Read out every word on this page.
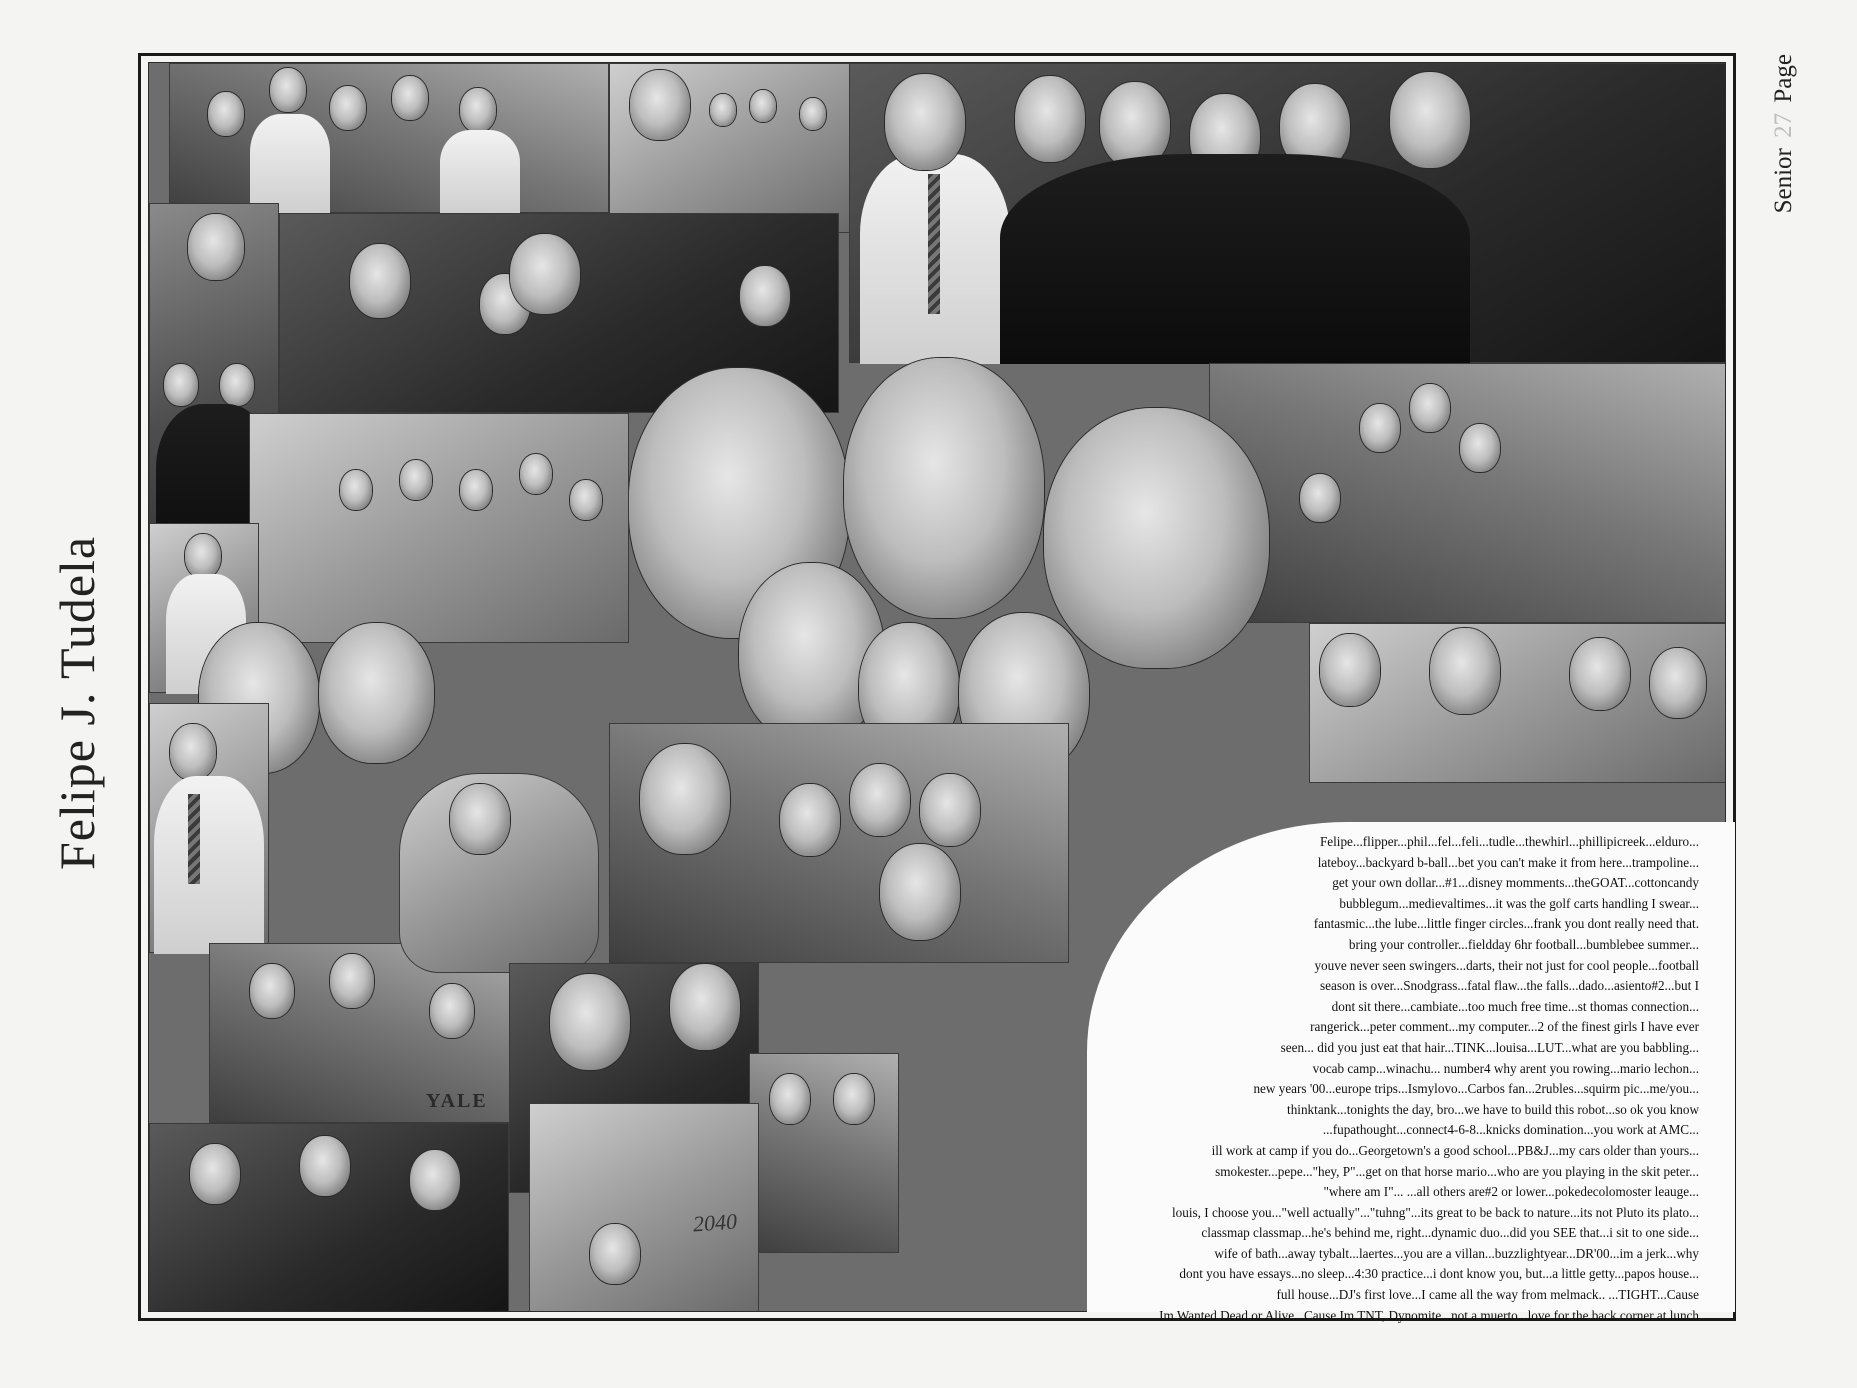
YALE
2040
Felipe...flipper...phil...fel...feli...tudle...thewhirl...phillipicreek...elduro...
lateboy...backyard b-ball...bet you can't make it from here...trampoline...
get your own dollar...#1...disney momments...theGOAT...cottoncandy
bubblegum...medievaltimes...it was the golf carts handling I swear...
fantasmic...the lube...little finger circles...frank you dont really need that.
bring your controller...fieldday 6hr football...bumblebee summer...
youve never seen swingers...darts, their not just for cool people...football
season is over...Snodgrass...fatal flaw...the falls...dado...asiento#2...but I
dont sit there...cambiate...too much free time...st thomas connection...
rangerick...peter comment...my computer...2 of the finest girls I have ever
seen... did you just eat that hair...TINK...louisa...LUT...what are you babbling...
vocab camp...winachu... number4 why arent you rowing...mario lechon...
new years '00...europe trips...Ismylovo...Carbos fan...2rubles...squirm pic...me/you...
thinktank...tonights the day, bro...we have to build this robot...so ok you know
...fupathought...connect4-6-8...knicks domination...you work at AMC...
ill work at camp if you do...Georgetown's a good school...PB&J...my cars older than yours...
smokester...pepe..."hey, P"...get on that horse mario...who are you playing in the skit peter...
"where am I"... ...all others are#2 or lower...pokedecolomoster leauge...
louis, I choose you..."well actually"..."tuhng"...its great to be back to nature...its not Pluto its plato...
classmap classmap...he's behind me, right...dynamic duo...did you SEE that...i sit to one side...
wife of bath...away tybalt...laertes...you are a villan...buzzlightyear...DR'00...im a jerk...why
dont you have essays...no sleep...4:30 practice...i dont know you, but...a little getty...papos house...
full house...DJ's first love...I came all the way from melmack.. ...TIGHT...Cause
Im Wanted Dead or Alive...Cause Im TNT, Dynomite...not a muerto...love for the back corner at lunch
Felipe J. Tudela
Senior 27 Page
